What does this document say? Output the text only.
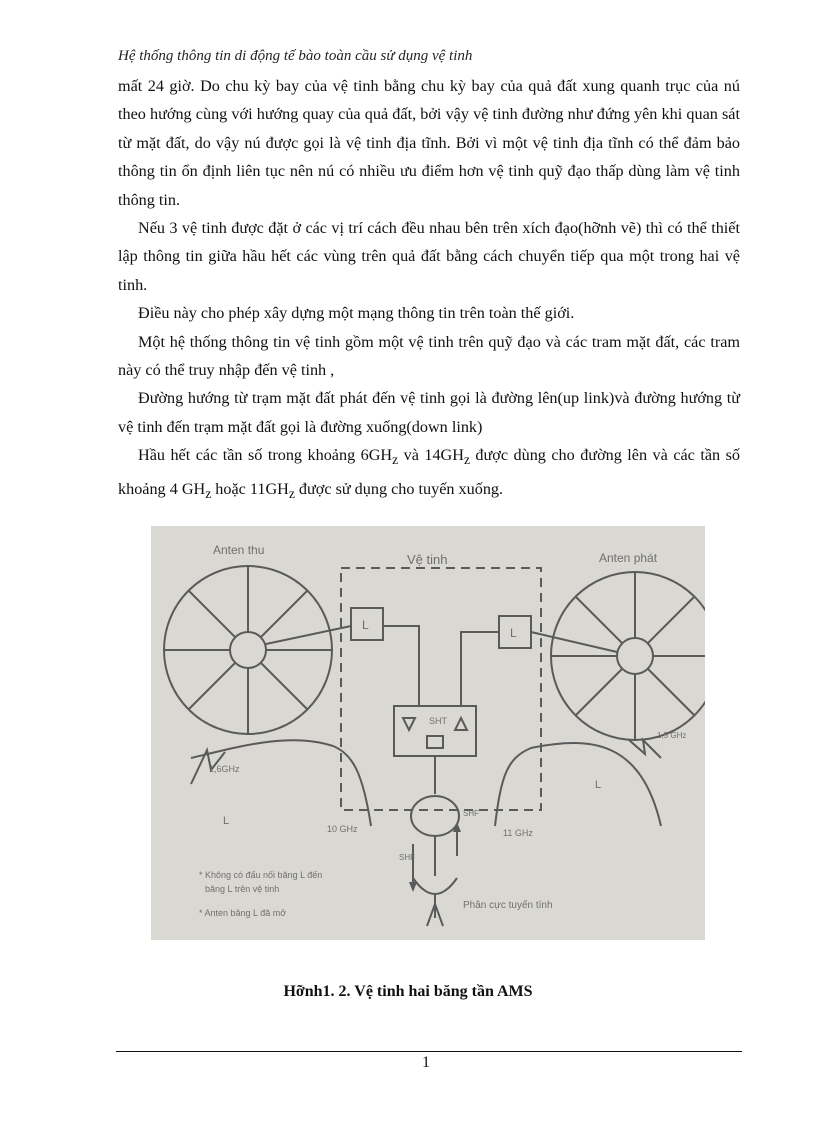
Hệ thống thông tin di động tế bào toàn cầu sử dụng vệ tinh

mất 24 giờ. Do chu kỳ bay của vệ tinh bằng chu kỳ bay của quả đất xung quanh trục của nú theo hướng cùng với hướng quay của quả đất, bởi vậy vệ tinh đường như đứng yên khi quan sát từ mặt đất, do vậy nú được gọi là vệ tinh địa tĩnh. Bởi vì một vệ tinh địa tĩnh có thể đảm bảo thông tin ổn định liên tục nên nú có nhiều ưu điểm hơn vệ tinh quỹ đạo thấp dùng làm vệ tinh thông tin.

Nếu 3 vệ tinh được đặt ở các vị trí cách đều nhau bên trên xích đạo(hỡnh vẽ) thì có thể thiết lập thông tin giữa hầu hết các vùng trên quả đất bằng cách chuyển tiếp qua một trong hai vệ tinh.

Điều này cho phép xây dựng một mạng thông tin trên toàn thế giới.

Một hệ thống thông tin vệ tinh gồm một vệ tinh trên quỹ đạo và các tram mặt đất, các tram này có thể truy nhập đến vệ tinh ,

Đường hướng từ trạm mặt đất phát đến vệ tinh gọi là đường lên(up link)và đường hướng từ vệ tinh đến trạm mặt đất gọi là đường xuống(down link)

Hầu hết các tần số trong khoảng $6GH_z$ và $14GH_z$ được dùng cho đường lên và các tần số khoảng 4 $GH_z$ hoặc $11GH_z$ được sử dụng cho tuyến xuống.

Anten thu
Vệ tinh	Anten phát
L
L
SHT
1,6GHz
1,5 GHz
L
L
10 GHz	11 GHz
SHF
SHF
* Không có đấu nối băng L đến
băng L trên vệ tinh
* Anten băng L đã mở
Phân cực tuyến tính
Hỡnh1. 2. Vệ tinh hai băng tần AMS
1
